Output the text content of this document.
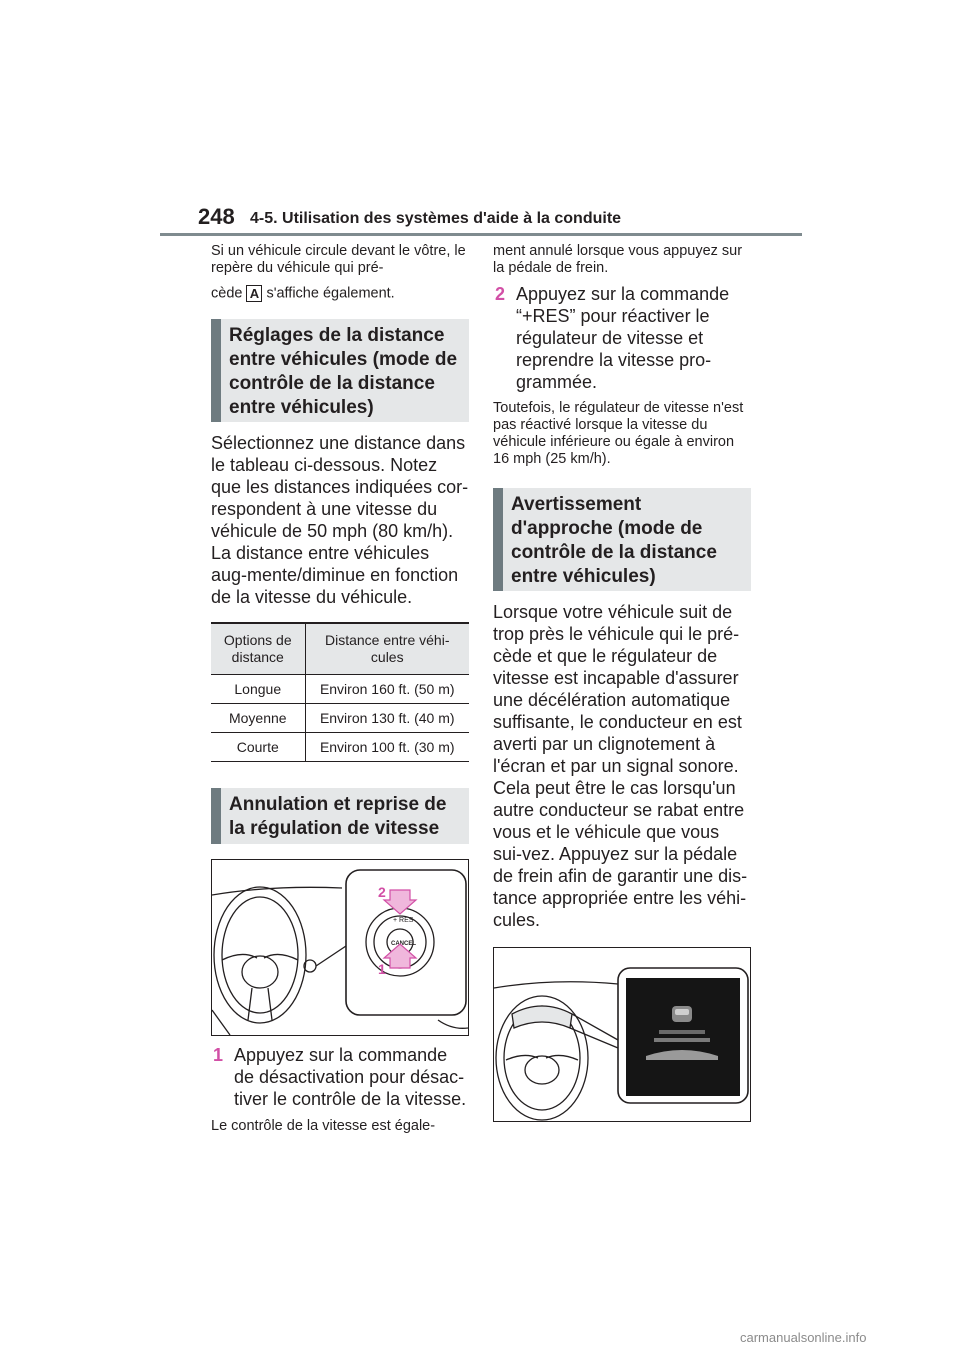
248 4-5. Utilisation des systèmes d'aide à la conduite

Si un véhicule circule devant le vôtre, le repère du véhicule qui pré-

cède A s'affiche également.

Réglages de la distance entre véhicules (mode de contrôle de la distance entre véhicules)

Sélectionnez une distance dans le tableau ci-dessous. Notez que les distances indiquées cor-respondent à une vitesse du véhicule de 50 mph (80 km/h). La distance entre véhicules aug-mente/diminue en fonction de la vitesse du véhicule.

Options de distance	Distance entre véhi-cules
Longue	Environ 160 ft. (50 m)
Moyenne	Environ 130 ft. (40 m)
Courte	Environ 100 ft. (30 m)
Annulation et reprise de la régulation de vitesse
+ RES
CANCEL
2
1
1 Appuyez sur la commande de désactivation pour désac-tiver le contrôle de la vitesse.

Le contrôle de la vitesse est égale-

ment annulé lorsque vous appuyez sur la pédale de frein.

2 Appuyez sur la commande “+RES” pour réactiver le régulateur de vitesse et reprendre la vitesse pro-grammée.

Toutefois, le régulateur de vitesse n'est pas réactivé lorsque la vitesse du véhicule inférieure ou égale à environ 16 mph (25 km/h).

Avertissement d'approche (mode de contrôle de la distance entre véhicules)

Lorsque votre véhicule suit de trop près le véhicule qui le pré-cède et que le régulateur de vitesse est incapable d'assurer une décélération automatique suffisante, le conducteur en est averti par un clignotement à l'écran et par un signal sonore. Cela peut être le cas lorsqu'un autre conducteur se rabat entre vous et le véhicule que vous sui-vez. Appuyez sur la pédale de frein afin de garantir une dis-tance appropriée entre les véhi-cules.

carmanualsonline.info
